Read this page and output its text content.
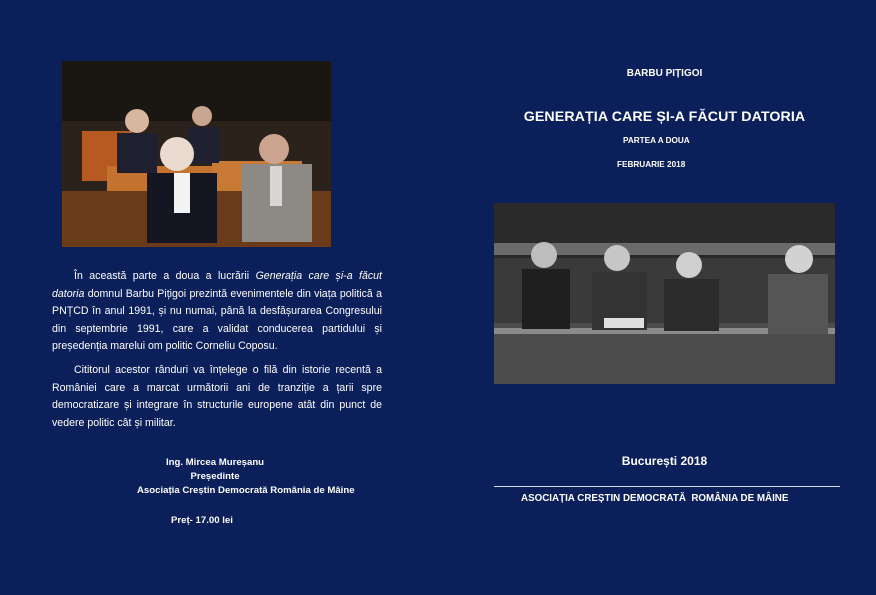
În această parte a doua a lucrării Generația care și-a făcut datoria domnul Barbu Pițigoi prezintă evenimentele din viața politică a PNȚCD în anul 1991, și nu numai, până la desfășurarea Congresului din septembrie 1991, care a validat conducerea partidului și președenția marelui om politic Corneliu Coposu.

Cititorul acestor rânduri va înțelege o filă din istorie recentă a României care a marcat următorii ani de tranziție a țarii spre democratizare și integrare în structurile europene atât din punct de vedere politic cât și militar.

Ing. Mircea Mureșanu
Președinte
Asociația Creștin Democrată România de Mâine
Preț- 17.00 lei
BARBU PIȚIGOI
GENERAȚIA CARE ȘI-A FĂCUT DATORIA
PARTEA A DOUA
FEBRUARIE 2018
București 2018
ASOCIAȚIA CREȘTIN DEMOCRATĂ  ROMÂNIA DE MÂINE
